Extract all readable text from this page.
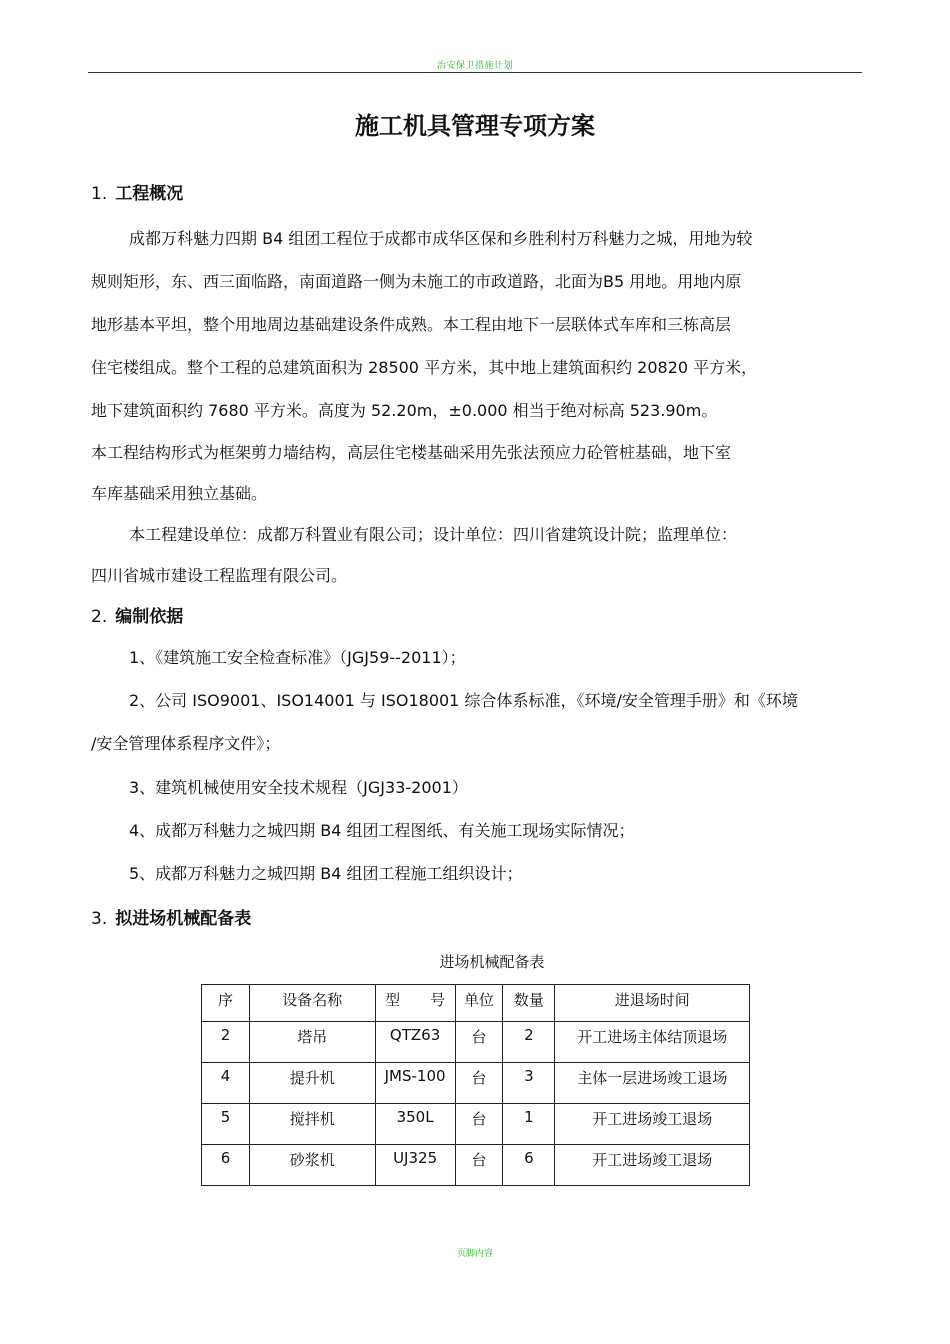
治安保卫措施计划
施工机具管理专项方案
1. 工程概况
成都万科魅力四期 B4 组团工程位于成都市成华区保和乡胜利村万科魅力之城，用地为较
规则矩形，东、西三面临路，南面道路一侧为未施工的市政道路，北面为B5 用地。用地内原
地形基本平坦，整个用地周边基础建设条件成熟。本工程由地下一层联体式车库和三栋高层
住宅楼组成。整个工程的总建筑面积为 28500 平方米，其中地上建筑面积约 20820 平方米，
地下建筑面积约 7680 平方米。高度为 52.20m，±0.000 相当于绝对标高 523.90m。
本工程结构形式为框架剪力墙结构，高层住宅楼基础采用先张法预应力砼管桩基础，地下室
车库基础采用独立基础。
本工程建设单位：成都万科置业有限公司；设计单位：四川省建筑设计院；监理单位：
四川省城市建设工程监理有限公司。
2. 编制依据
1、《建筑施工安全检查标准》（JGJ59--2011）；
2、公司 ISO9001、ISO14001 与 ISO18001 综合体系标准，《环境/安全管理手册》和《环境
/安全管理体系程序文件》；
3、建筑机械使用安全技术规程（JGJ33-2001）
4、成都万科魅力之城四期 B4 组团工程图纸、有关施工现场实际情况；
5、成都万科魅力之城四期 B4 组团工程施工组织设计；
3. 拟进场机械配备表
进场机械配备表
序	设备名称	型　　号	单位	数量	进退场时间
2	塔吊	QTZ63	台	2	开工进场主体结顶退场
4	提升机	JMS-100	台	3	主体一层进场竣工退场
5	搅拌机	350L	台	1	开工进场竣工退场
6	砂浆机	UJ325	台	6	开工进场竣工退场
页脚内容
